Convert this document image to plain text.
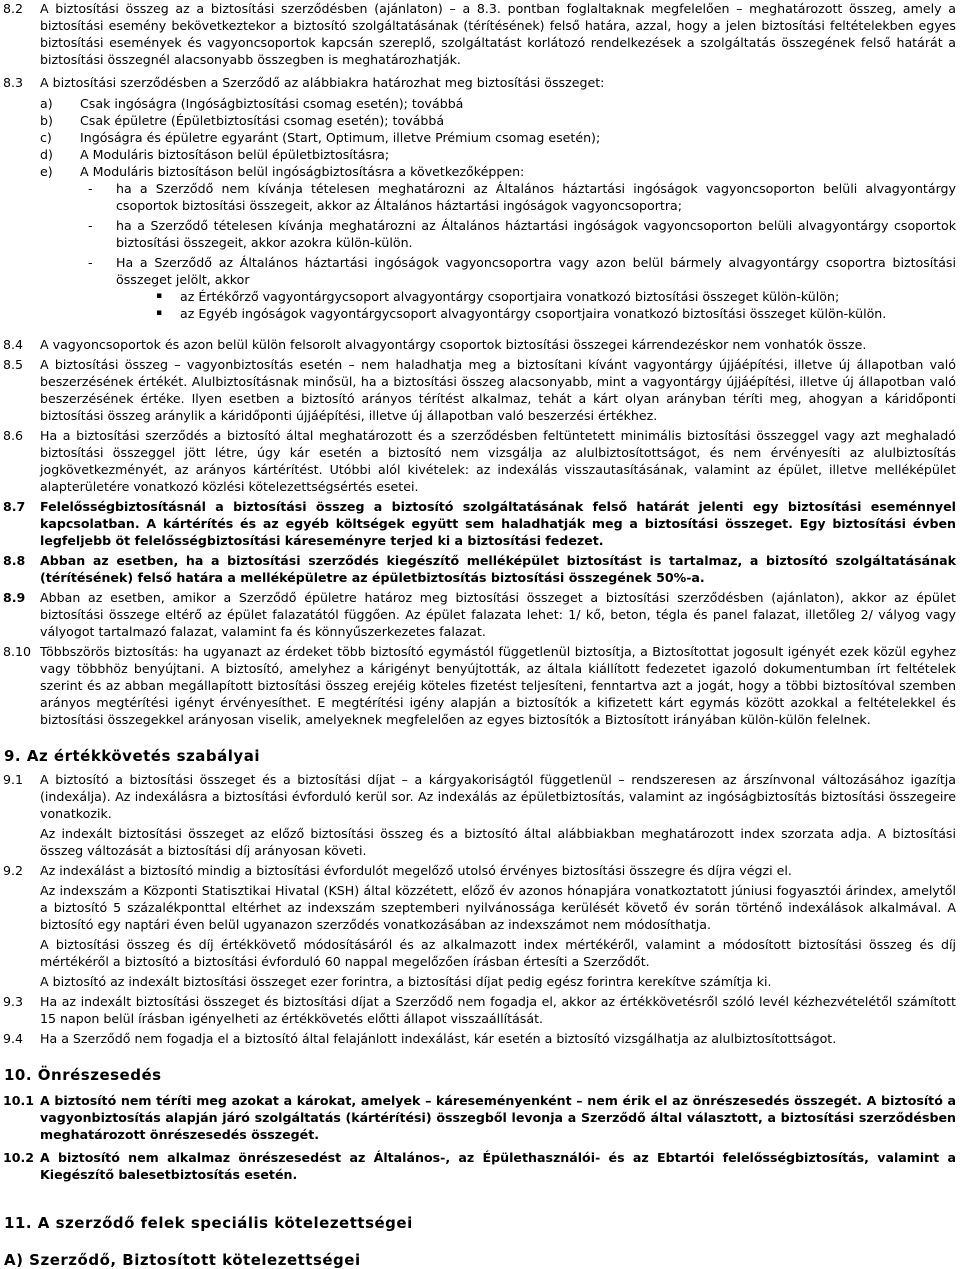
8.2 A biztosítási összeg az a biztosítási szerződésben (ajánlaton) – a 8.3. pontban foglaltaknak megfelelően – meghatározott összeg, amely a biztosítási esemény bekövetkeztekor a biztosító szolgáltatásának (térítésének) felső határa, azzal, hogy a jelen biztosítási feltételekben egyes biztosítási események és vagyoncsoportok kapcsán szereplő, szolgáltatást korlátozó rendelkezések a szolgáltatás összegének felső határát a biztosítási összegnél alacsonyabb összegben is meghatározhatják.

8.3 A biztosítási szerződésben a Szerződő az alábbiakra határozhat meg biztosítási összeget:

a)	Csak ingóságra (Ingóságbiztosítási csomag esetén); továbbá

b)	Csak épületre (Épületbiztosítási csomag esetén); továbbá

c)	Ingóságra és épületre egyaránt (Start, Optimum, illetve Prémium csomag esetén);

d)	A Moduláris biztosításon belül épületbiztosításra;

e)	A Moduláris biztosításon belül ingóságbiztosításra a következőképpen:

- ha a Szerződő nem kívánja tételesen meghatározni az Általános háztartási ingóságok vagyoncsoporton belüli alvagyontárgy csoportok biztosítási összegeit, akkor az Általános háztartási ingóságok vagyoncsoportra;

- ha a Szerződő tételesen kívánja meghatározni az Általános háztartási ingóságok vagyoncsoporton belüli alvagyontárgy csoportok biztosítási összegeit, akkor azokra külön-külön.

- Ha a Szerződő az Általános háztartási ingóságok vagyoncsoportra vagy azon belül bármely alvagyontárgy csoportra biztosítási összeget jelölt, akkor

▪ az Értékőrző vagyontárgycsoport alvagyontárgy csoportjaira vonatkozó biztosítási összeget külön-külön;

▪ az Egyéb ingóságok vagyontárgycsoport alvagyontárgy csoportjaira vonatkozó biztosítási összeget külön-külön.

8.4 A vagyoncsoportok és azon belül külön felsorolt alvagyontárgy csoportok biztosítási összegei kárrendezéskor nem vonhatók össze.

8.5 A biztosítási összeg – vagyonbiztosítás esetén – nem haladhatja meg a biztosítani kívánt vagyontárgy újjáépítési, illetve új állapotban való beszerzésének értékét. Alulbiztosításnak minősül, ha a biztosítási összeg alacsonyabb, mint a vagyontárgy újjáépítési, illetve új állapotban való beszerzésének értéke. Ilyen esetben a biztosító arányos térítést alkalmaz, tehát a kárt olyan arányban téríti meg, ahogyan a káridőponti biztosítási összeg aránylik a káridőponti újjáépítési, illetve új állapotban való beszerzési értékhez.

8.6 Ha a biztosítási szerződés a biztosító által meghatározott és a szerződésben feltüntetett minimális biztosítási összeggel vagy azt meghaladó biztosítási összeggel jött létre, úgy kár esetén a biztosító nem vizsgálja az alulbiztosítottságot, és nem érvényesíti az alulbiztosítás jogkövetkezményét, az arányos kártérítést. Utóbbi alól kivételek: az indexálás visszautasításának, valamint az épület, illetve melléképület alapterületére vonatkozó közlési kötelezettségsértés esetei.

8.7 Felelősségbiztosításnál a biztosítási összeg a biztosító szolgáltatásának felső határát jelenti egy biztosítási eseménnyel kapcsolatban. A kártérítés és az egyéb költségek együtt sem haladhatják meg a biztosítási összeget. Egy biztosítási évben legfeljebb öt felelősségbiztosítási káreseményre terjed ki a biztosítási fedezet.

8.8 Abban az esetben, ha a biztosítási szerződés kiegészítő melléképület biztosítást is tartalmaz, a biztosító szolgáltatásának (térítésének) felső határa a melléképületre az épületbiztosítás biztosítási összegének 50%-a.

8.9 Abban az esetben, amikor a Szerződő épületre határoz meg biztosítási összeget a biztosítási szerződésben (ajánlaton), akkor az épület biztosítási összege eltérő az épület falazatától függően. Az épület falazata lehet: 1/ kő, beton, tégla és panel falazat, illetőleg 2/ vályog vagy vályogot tartalmazó falazat, valamint fa és könnyűszerkezetes falazat.

8.10 Többszörös biztosítás: ha ugyanazt az érdeket több biztosító egymástól függetlenül biztosítja, a Biztosítottat jogosult igényét ezek közül egyhez vagy többhöz benyújtani. A biztosító, amelyhez a kárigényt benyújtották, az általa kiállított fedezetet igazoló dokumentumban írt feltételek szerint és az abban megállapított biztosítási összeg erejéig köteles fizetést teljesíteni, fenntartva azt a jogát, hogy a többi biztosítóval szemben arányos megtérítési igényt érvényesíthet. E megtérítési igény alapján a biztosítók a kifizetett kárt egymás között azokkal a feltételekkel és biztosítási összegekkel arányosan viselik, amelyeknek megfelelően az egyes biztosítók a Biztosított irányában külön-külön felelnek.

9. Az értékkövetés szabályai

9.1 A biztosító a biztosítási összeget és a biztosítási díjat – a kárgyakoriságtól függetlenül – rendszeresen az árszínvonal változásához igazítja (indexálja). Az indexálásra a biztosítási évforduló kerül sor. Az indexálás az épületbiztosítás, valamint az ingóságbiztosítás biztosítási összegeire vonatkozik.

Az indexált biztosítási összeget az előző biztosítási összeg és a biztosító által alábbiakban meghatározott index szorzata adja. A biztosítási összeg változását a biztosítási díj arányosan követi.

9.2 Az indexálást a biztosító mindig a biztosítási évfordulót megelőző utolsó érvényes biztosítási összegre és díjra végzi el.

Az indexszám a Központi Statisztikai Hivatal (KSH) által közzétett, előző év azonos hónapjára vonatkoztatott júniusi fogyasztói árindex, amelytől a biztosító 5 százalékponttal eltérhet az indexszám szeptemberi nyilvánossága kerülését követő év során történő indexálások alkalmával. A biztosító egy naptári éven belül ugyanazon szerződés vonatkozásában az indexszámot nem módosíthatja.

A biztosítási összeg és díj értékkövető módosításáról és az alkalmazott index mértékéről, valamint a módosított biztosítási összeg és díj mértékéről a biztosító a biztosítási évforduló 60 nappal megelőzően írásban értesíti a Szerződőt.

A biztosító az indexált biztosítási összeget ezer forintra, a biztosítási díjat pedig egész forintra kerekítve számítja ki.

9.3 Ha az indexált biztosítási összeget és biztosítási díjat a Szerződő nem fogadja el, akkor az értékkövetésről szóló levél kézhezvételétől számított 15 napon belül írásban igényelheti az értékkövetés előtti állapot visszaállítását.

9.4 Ha a Szerződő nem fogadja el a biztosító által felajánlott indexálást, kár esetén a biztosító vizsgálhatja az alulbiztosítottságot.

10. Önrészesedés

10.1 A biztosító nem téríti meg azokat a károkat, amelyek – káreseményenként – nem érik el az önrészesedés összegét. A biztosító a vagyonbiztosítás alapján járó szolgáltatás (kártérítési) összegből levonja a Szerződő által választott, a biztosítási szerződésben meghatározott önrészesedés összegét.

10.2 A biztosító nem alkalmaz önrészesedést az Általános-, az Épülethasználói- és az Ebtartói felelősségbiztosítás, valamint a Kiegészítő balesetbiztosítás esetén.

11. A szerződő felek speciális kötelezettségei
A) Szerződő, Biztosított kötelezettségei
